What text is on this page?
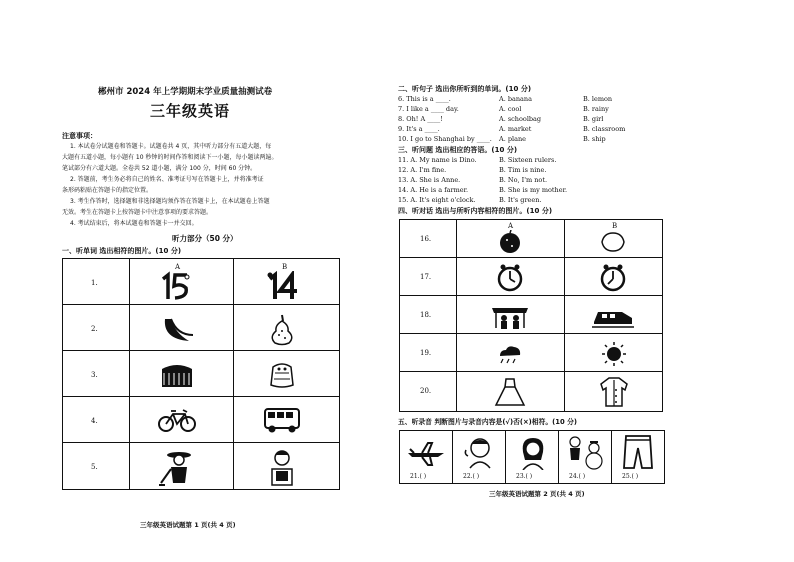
郴州市 2024 年上学期期末学业质量抽测试卷
三年级英语
注意事项：
1. 本试卷分试题卷和答题卡。试题卷共 4 页，其中听力部分有五道大题，每
大题有五道小题，每小题有 10 秒钟的时间作答和阅读下一小题，每小题读两遍。
笔试部分有六道大题。全卷共 52 道小题，满分 100 分，时间 60 分钟。
2. 答题前，考生务必将自己的姓名、准考证号写在答题卡上，并将准考证
条形码粘贴在答题卡的指定位置。
3. 考生作答时，选择题和非选择题均须作答在答题卡上，在本试题卷上答题
无效。考生在答题卡上按答题卡中注意事项的要求答题。
4. 考试结束后，将本试题卷和答题卡一并交回。
听力部分（50 分）
一、听单词 选出相符的图片。(10 分)
1.
A	B
2.
3.
4.
5.
三年级英语试题第 1 页(共 4 页)
二、听句子 选出你所听到的单词。(10 分)
6. This is a ____.	A. banana	B. lemon
7. I like a ____ day.	A. cool	B. rainy
8. Oh! A ____!	A. schoolbag	B. girl
9. It's a ____.	A. market	B. classroom
10. I go to Shanghai by ____. A. plane	B. ship
三、听问题 选出相应的答语。(10 分)
11. A. My name is Dino.	B. Sixteen rulers.
12. A. I'm fine.	B. Tim is nine.
13. A. She is Anne.	B. No, I'm not.
14. A. He is a farmer.	B. She is my mother.
15. A. It's eight o'clock.	B. It's green.
四、听对话 选出与所听内容相符的图片。(10 分)
16.
A	B
17.
18.
19.
20.
五、听录音 判断图片与录音内容是(√)否(×)相符。(10 分)
21.( )	22.( )	23.( )	24.( )	25.( )
三年级英语试题第 2 页(共 4 页)
